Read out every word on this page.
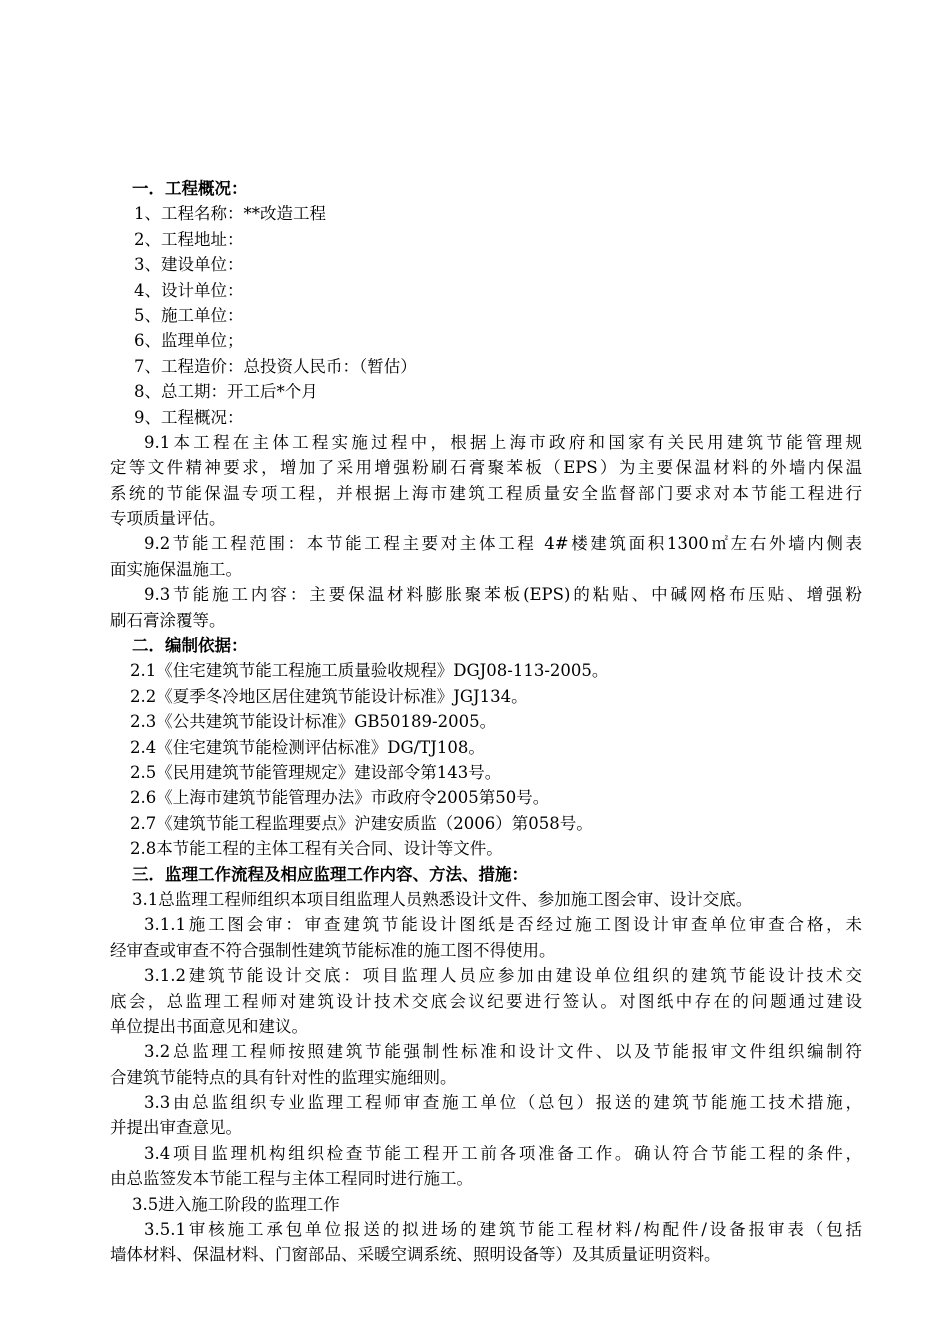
一．工程概况：
1、工程名称：**改造工程
2、工程地址：
3、建设单位：
4、设计单位：
5、施工单位：
6、监理单位；
7、工程造价：总投资人民币：（暂估）
8、总工期：开工后*个月
9、工程概况：
9.1本工程在主体工程实施过程中，根据上海市政府和国家有关民用建筑节能管理规
定等文件精神要求，增加了采用增强粉刷石膏聚苯板（EPS）为主要保温材料的外墙内保温
系统的节能保温专项工程，并根据上海市建筑工程质量安全监督部门要求对本节能工程进行
专项质量评估。
9.2节能工程范围：本节能工程主要对主体工程 4#楼建筑面积1300㎡左右外墙内侧表
面实施保温施工。
9.3节能施工内容：主要保温材料膨胀聚苯板(EPS)的粘贴、中碱网格布压贴、增强粉
刷石膏涂覆等。
二．编制依据：
2.1《住宅建筑节能工程施工质量验收规程》DGJ08-113-2005。
2.2《夏季冬冷地区居住建筑节能设计标准》JGJ134。
2.3《公共建筑节能设计标准》GB50189-2005。
2.4《住宅建筑节能检测评估标准》DG/TJ108。
2.5《民用建筑节能管理规定》建设部令第143号。
2.6《上海市建筑节能管理办法》市政府令2005第50号。
2.7《建筑节能工程监理要点》沪建安质监（2006）第058号。
2.8本节能工程的主体工程有关合同、设计等文件。
三．监理工作流程及相应监理工作内容、方法、措施：
3.1总监理工程师组织本项目组监理人员熟悉设计文件、参加施工图会审、设计交底。
3.1.1施工图会审：审查建筑节能设计图纸是否经过施工图设计审查单位审查合格，未
经审查或审查不符合强制性建筑节能标准的施工图不得使用。
3.1.2建筑节能设计交底：项目监理人员应参加由建设单位组织的建筑节能设计技术交
底会，总监理工程师对建筑设计技术交底会议纪要进行签认。对图纸中存在的问题通过建设
单位提出书面意见和建议。
3.2总监理工程师按照建筑节能强制性标准和设计文件、以及节能报审文件组织编制符
合建筑节能特点的具有针对性的监理实施细则。
3.3由总监组织专业监理工程师审查施工单位（总包）报送的建筑节能施工技术措施，
并提出审查意见。
3.4项目监理机构组织检查节能工程开工前各项准备工作。确认符合节能工程的条件，
由总监签发本节能工程与主体工程同时进行施工。
3.5进入施工阶段的监理工作
3.5.1审核施工承包单位报送的拟进场的建筑节能工程材料/构配件/设备报审表（包括
墙体材料、保温材料、门窗部品、采暖空调系统、照明设备等）及其质量证明资料。
